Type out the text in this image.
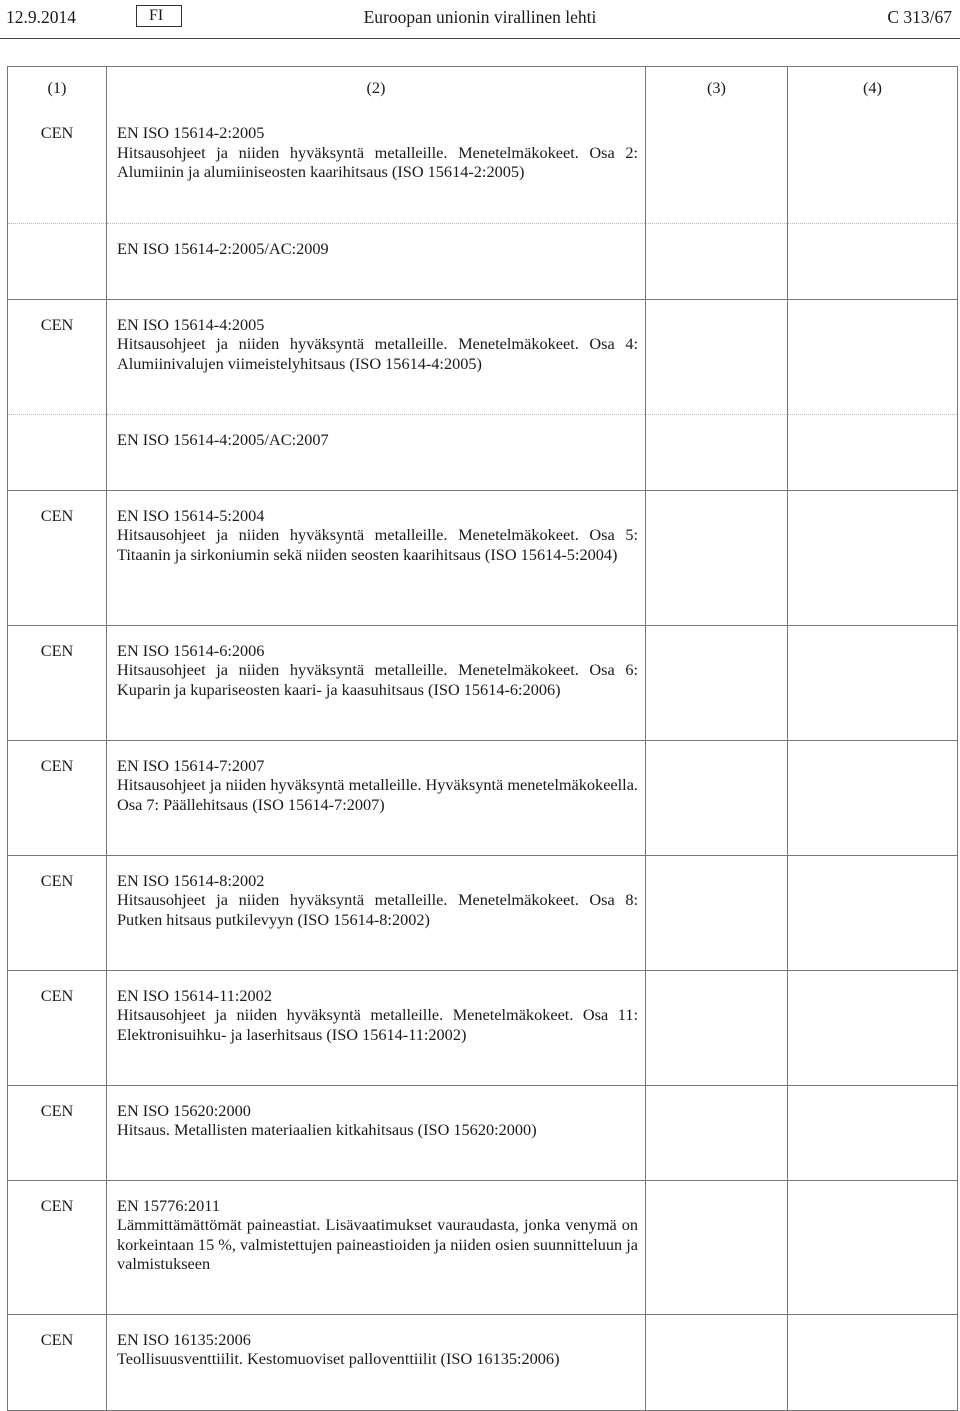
12.9.2014	FI	Euroopan unionin virallinen lehti	C 313/67
(1)	(2)	(3)	(4)
CEN	EN ISO 15614-2:2005
Hitsausohjeet ja niiden hyväksyntä metalleille. Menetelmäkokeet. Osa 2: Alumiinin ja alumiiniseosten kaarihitsaus (ISO 15614-2:2005)		

	EN ISO 15614-2:2005/AC:2009		

CEN	EN ISO 15614-4:2005
Hitsausohjeet ja niiden hyväksyntä metalleille. Menetelmäkokeet. Osa 4: Alumiinivalujen viimeistelyhitsaus (ISO 15614-4:2005)		

	EN ISO 15614-4:2005/AC:2007		

CEN	EN ISO 15614-5:2004
Hitsausohjeet ja niiden hyväksyntä metalleille. Menetelmäkokeet. Osa 5: Titaanin ja sirkoniumin sekä niiden seosten kaarihitsaus (ISO 15614-5:2004)		

CEN	EN ISO 15614-6:2006
Hitsausohjeet ja niiden hyväksyntä metalleille. Menetelmäkokeet. Osa 6: Kuparin ja kupariseosten kaari- ja kaasuhitsaus (ISO 15614-6:2006)		

CEN	EN ISO 15614-7:2007
Hitsausohjeet ja niiden hyväksyntä metalleille. Hyväksyntä menetelmäkokeella. Osa 7: Päällehitsaus (ISO 15614-7:2007)		

CEN	EN ISO 15614-8:2002
Hitsausohjeet ja niiden hyväksyntä metalleille. Menetelmäkokeet. Osa 8: Putken hitsaus putkilevyyn (ISO 15614-8:2002)		

CEN	EN ISO 15614-11:2002
Hitsausohjeet ja niiden hyväksyntä metalleille. Menetelmäkokeet. Osa 11: Elektronisuihku- ja laserhitsaus (ISO 15614-11:2002)		

CEN	EN ISO 15620:2000
Hitsaus. Metallisten materiaalien kitkahitsaus (ISO 15620:2000)		

CEN	EN 15776:2011
Lämmittämättömät paineastiat. Lisävaatimukset vauraudasta, jonka venymä on korkeintaan 15 %, valmistettujen paineastioiden ja niiden osien suunnitteluun ja valmistukseen		

CEN	EN ISO 16135:2006
Teollisuusventtiilit. Kestomuoviset palloventtiilit (ISO 16135:2006)		
